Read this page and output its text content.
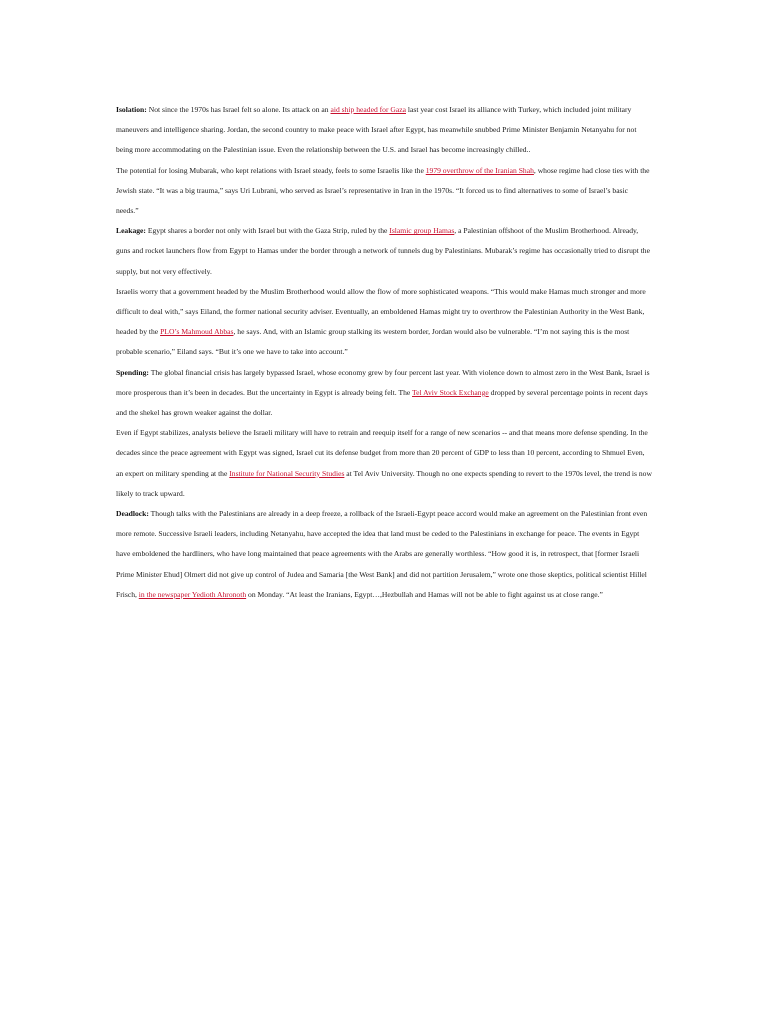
Isolation: Not since the 1970s has Israel felt so alone. Its attack on an aid ship headed for Gaza last year cost Israel its alliance with Turkey, which included joint military maneuvers and intelligence sharing. Jordan, the second country to make peace with Israel after Egypt, has meanwhile snubbed Prime Minister Benjamin Netanyahu for not being more accommodating on the Palestinian issue. Even the relationship between the U.S. and Israel has become increasingly chilled..

The potential for losing Mubarak, who kept relations with Israel steady, feels to some Israelis like the 1979 overthrow of the Iranian Shah, whose regime had close ties with the Jewish state. “It was a big trauma,” says Uri Lubrani, who served as Israel’s representative in Iran in the 1970s. “It forced us to find alternatives to some of Israel’s basic needs.”

Leakage: Egypt shares a border not only with Israel but with the Gaza Strip, ruled by the Islamic group Hamas, a Palestinian offshoot of the Muslim Brotherhood. Already, guns and rocket launchers flow from Egypt to Hamas under the border through a network of tunnels dug by Palestinians. Mubarak’s regime has occasionally tried to disrupt the supply, but not very effectively.

Israelis worry that a government headed by the Muslim Brotherhood would allow the flow of more sophisticated weapons. “This would make Hamas much stronger and more difficult to deal with,” says Eiland, the former national security adviser. Eventually, an emboldened Hamas might try to overthrow the Palestinian Authority in the West Bank, headed by the PLO’s Mahmoud Abbas, he says. And, with an Islamic group stalking its western border, Jordan would also be vulnerable. “I’m not saying this is the most probable scenario,” Eiland says. “But it’s one we have to take into account.”

Spending: The global financial crisis has largely bypassed Israel, whose economy grew by four percent last year. With violence down to almost zero in the West Bank, Israel is more prosperous than it’s been in decades. But the uncertainty in Egypt is already being felt. The Tel Aviv Stock Exchange dropped by several percentage points in recent days and the shekel has grown weaker against the dollar.

Even if Egypt stabilizes, analysts believe the Israeli military will have to retrain and reequip itself for a range of new scenarios -- and that means more defense spending. In the decades since the peace agreement with Egypt was signed, Israel cut its defense budget from more than 20 percent of GDP to less than 10 percent, according to Shmuel Even, an expert on military spending at the Institute for National Security Studies at Tel Aviv University. Though no one expects spending to revert to the 1970s level, the trend is now likely to track upward.

Deadlock: Though talks with the Palestinians are already in a deep freeze, a rollback of the Israeli-Egypt peace accord would make an agreement on the Palestinian front even more remote. Successive Israeli leaders, including Netanyahu, have accepted the idea that land must be ceded to the Palestinians in exchange for peace. The events in Egypt have emboldened the hardliners, who have long maintained that peace agreements with the Arabs are generally worthless. “How good it is, in retrospect, that [former Israeli Prime Minister Ehud] Olmert did not give up control of Judea and Samaria [the West Bank] and did not partition Jerusalem,” wrote one those skeptics, political scientist Hillel Frisch, in the newspaper Yedioth Ahronoth on Monday. “At least the Iranians, Egypt…,Hezbullah and Hamas will not be able to fight against us at close range.”
